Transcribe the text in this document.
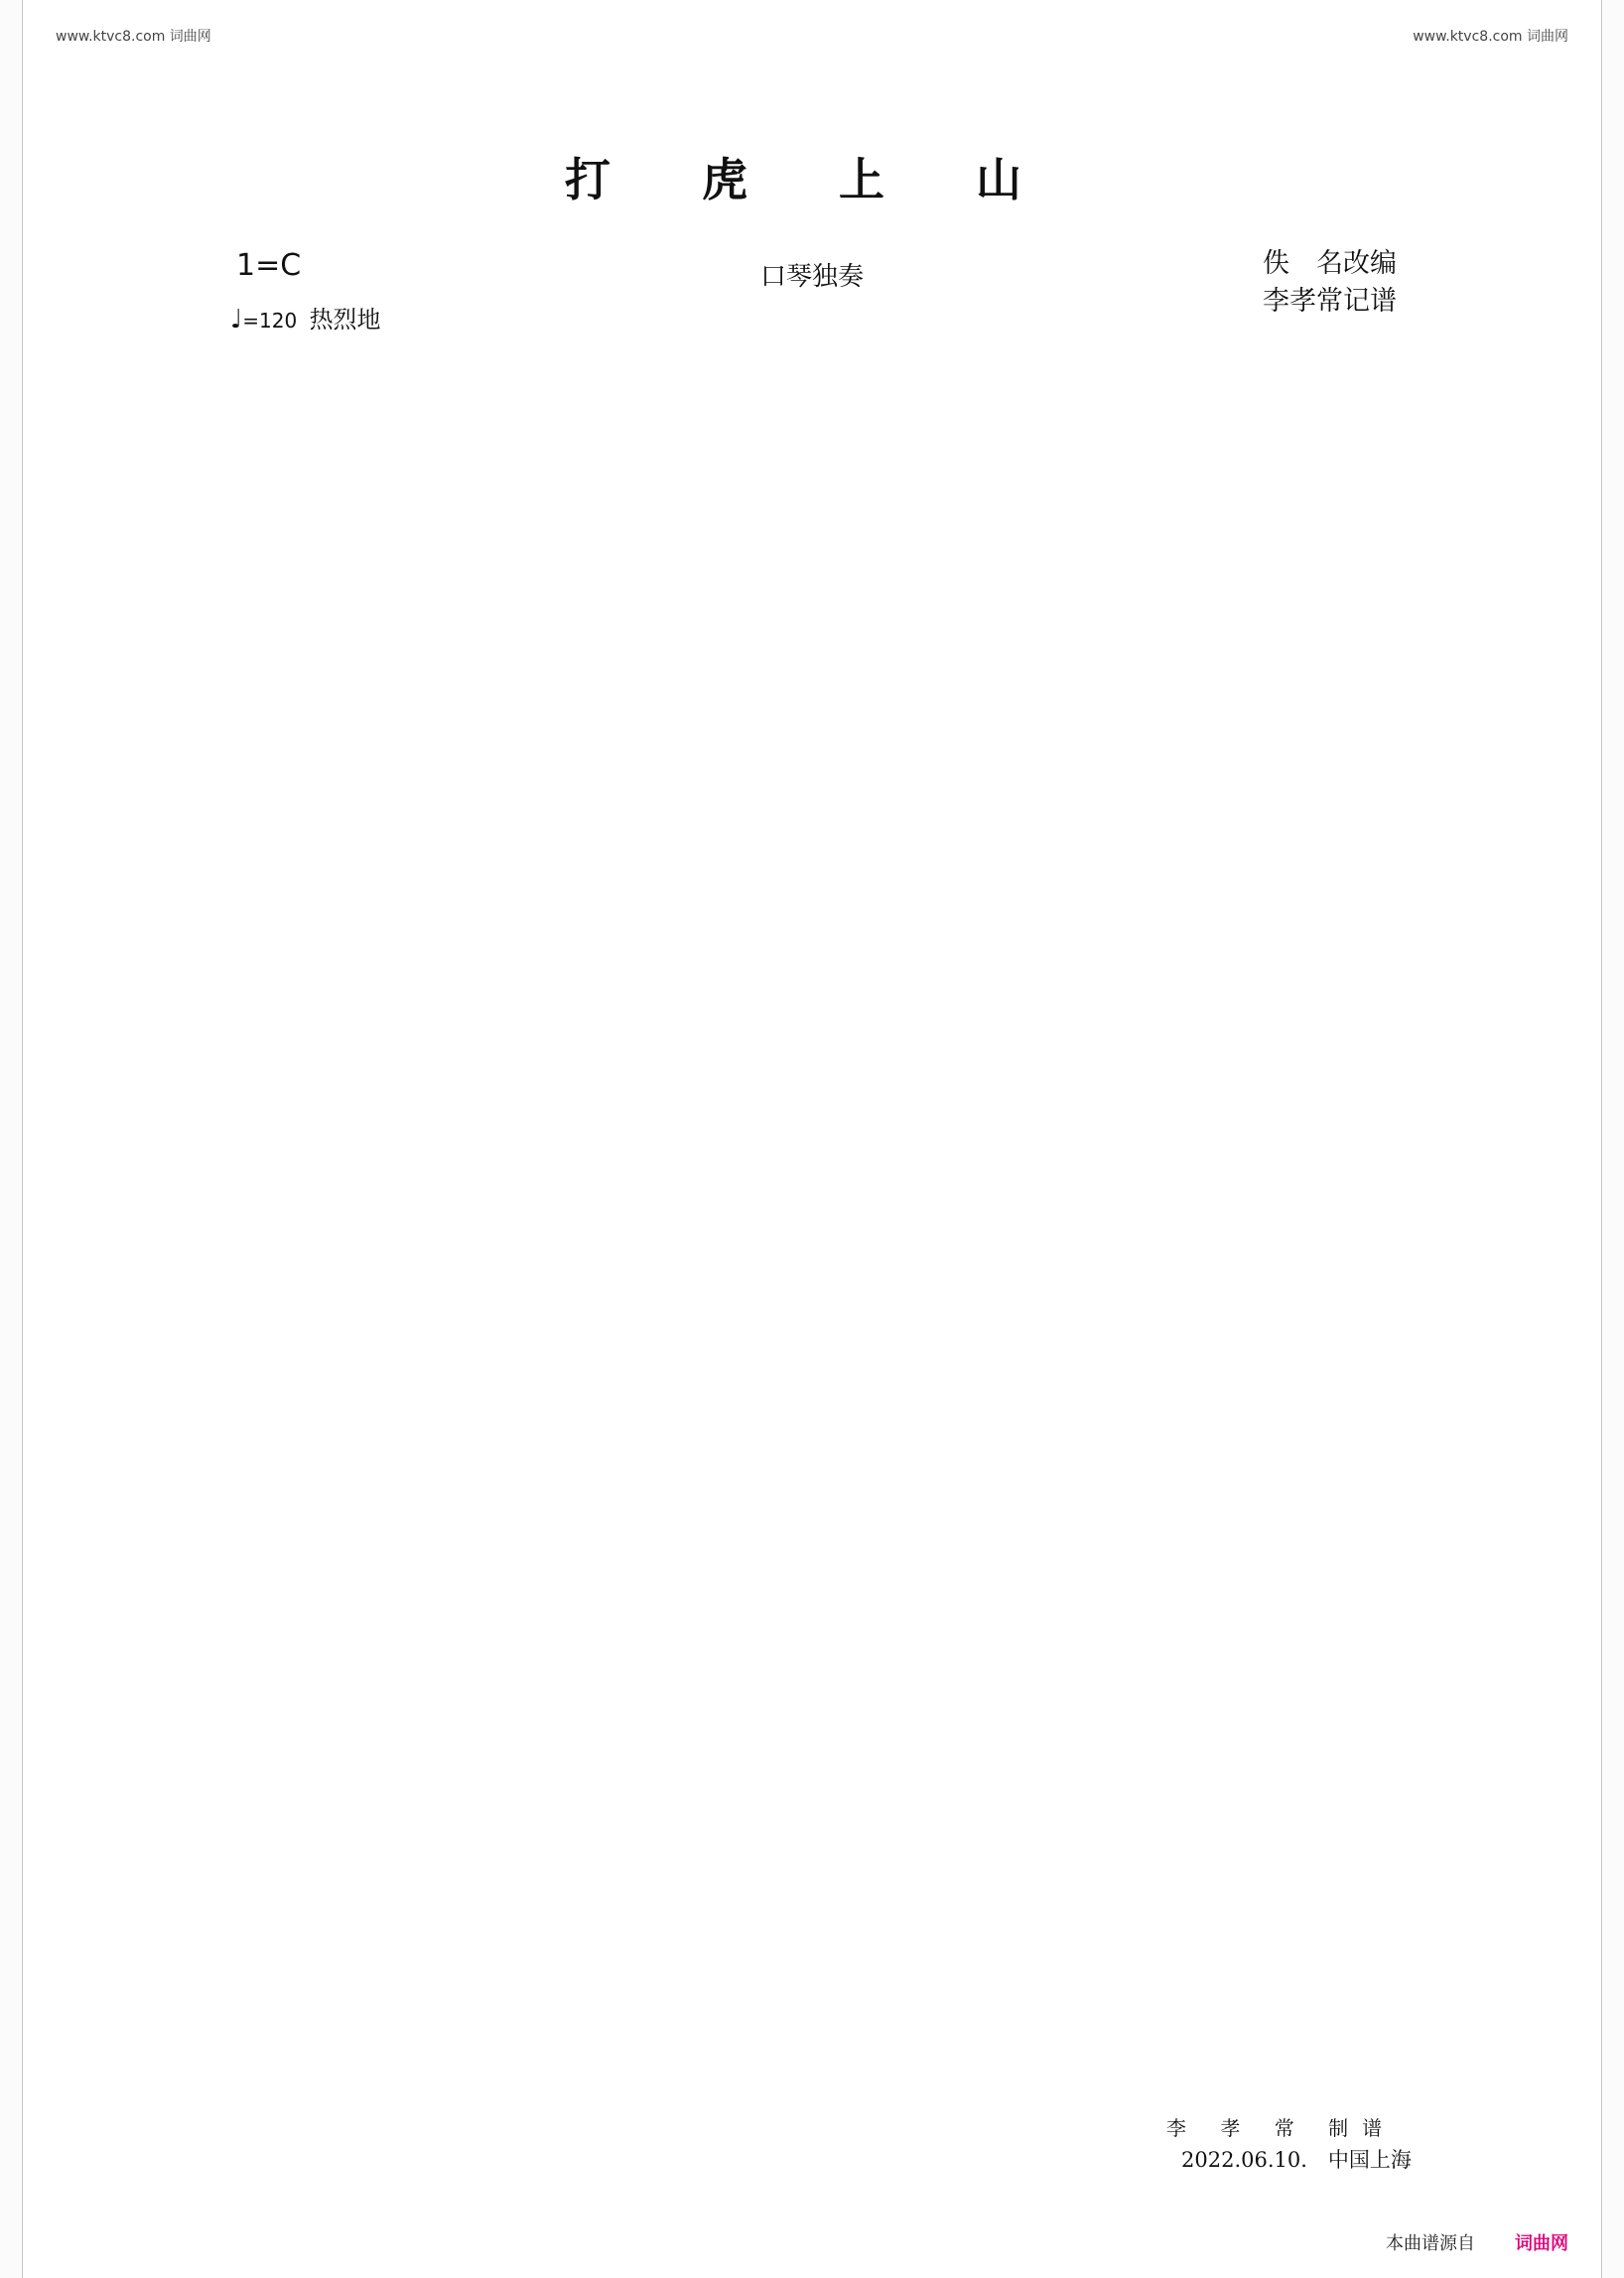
www.ktvc8.com 词曲网	www.ktvc8.com 词曲网
打 虎 上 山
1=C	口琴独奏
♩=120 热烈地
佚　名改编
李孝常记谱
李 孝 常 制谱
2022.06.10.　中国上海
本曲谱源自 词曲网
